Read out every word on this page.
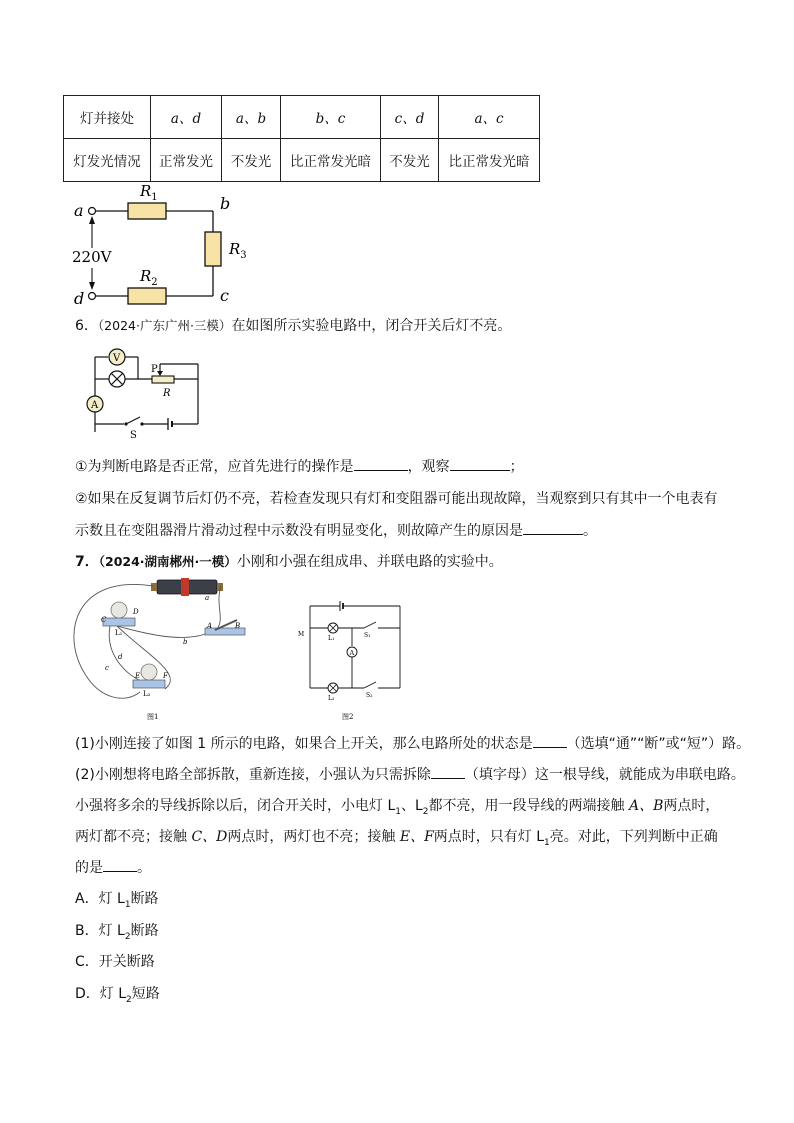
灯并接处	a、d	a、b	b、c	c、d	a、c
灯发光情况	正常发光	不发光	比正常发光暗	不发光	比正常发光暗
a
d
b
c
220V
$R_1$
$R_2$
$R_3$
6．（2024·广东广州·三模）在如图所示实验电路中，闭合开关后灯不亮。
V
P
R
A
S
①为判断电路是否正常，应首先进行的操作是	，观察	；
②如果在反复调节后灯仍不亮，若检查发现只有灯和变阻器可能出现故障，当观察到只有其中一个电表有
示数且在变阻器滑片滑动过程中示数没有明显变化，则故障产生的原因是	。
7．（2024·湖南郴州·一模）小刚和小强在组成串、并联电路的实验中。
D
C
L₁
A	B
E	F
L₂
a
b
c
d
图1
A
M
L₁
L₂
S₁
S₂
图2
(1)小刚连接了如图 1 所示的电路，如果合上开关，那么电路所处的状态是 （选填“通”“断”或“短”）路。
(2)小刚想将电路全部拆散，重新连接，小强认为只需拆除 （填字母）这一根导线，就能成为串联电路。
小强将多余的导线拆除以后，闭合开关时，小电灯 $L_1$、$L_2$都不亮，用一段导线的两端接触 A、B两点时，
两灯都不亮；接触 C、D两点时，两灯也不亮；接触 E、F两点时，只有灯 $L_1$亮。对此，下列判断中正确
的是 。
A．灯 $L_1$断路
B．灯 $L_2$断路
C．开关断路
D．灯 $L_2$短路
